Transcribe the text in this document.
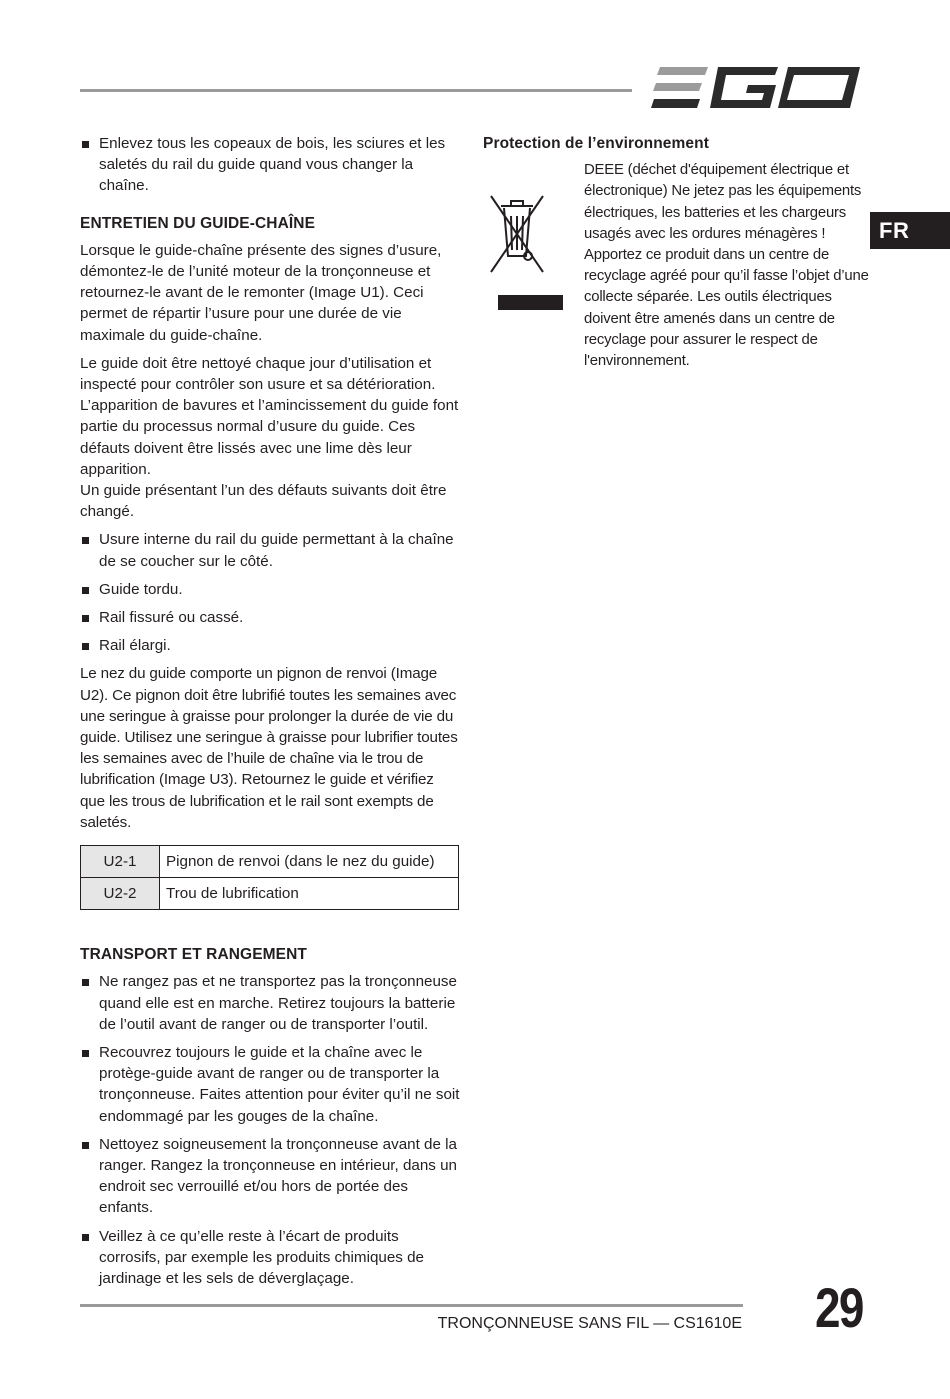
FR
Enlevez tous les copeaux de bois, les sciures et les saletés du rail du guide quand vous changer la chaîne.
ENTRETIEN DU GUIDE-CHAÎNE

Lorsque le guide-chaîne présente des signes d’usure, démontez-le de l’unité moteur de la tronçonneuse et retournez-le avant de le remonter (Image U1). Ceci permet de répartir l’usure pour une durée de vie maximale du guide-chaîne.

Le guide doit être nettoyé chaque jour d’utilisation et inspecté pour contrôler son usure et sa détérioration. L’apparition de bavures et l’amincissement du guide font partie du processus normal d’usure du guide. Ces défauts doivent être lissés avec une lime dès leur apparition.

Un guide présentant l’un des défauts suivants doit être changé.

Usure interne du rail du guide permettant à la chaîne de se coucher sur le côté.
Guide tordu.
Rail fissuré ou cassé.
Rail élargi.

Le nez du guide comporte un pignon de renvoi (Image U2). Ce pignon doit être lubrifié toutes les semaines avec une seringue à graisse pour prolonger la durée de vie du guide. Utilisez une seringue à graisse pour lubrifier toutes les semaines avec de l’huile de chaîne via le trou de lubrification (Image U3). Retournez le guide et vérifiez que les trous de lubrification et le rail sont exempts de saletés.

U2-1	Pignon de renvoi (dans le nez du guide)
U2-2	Trou de lubrification
TRANSPORT ET RANGEMENT
Ne rangez pas et ne transportez pas la tronçonneuse quand elle est en marche. Retirez toujours la batterie de l’outil avant de ranger ou de transporter l’outil.
Recouvrez toujours le guide et la chaîne avec le protège-guide avant de ranger ou de transporter la tronçonneuse. Faites attention pour éviter qu’il ne soit endommagé par les gouges de la chaîne.
Nettoyez soigneusement la tronçonneuse avant de la ranger. Rangez la tronçonneuse en intérieur, dans un endroit sec verrouillé et/ou hors de portée des enfants.
Veillez à ce qu’elle reste à l’écart de produits corrosifs, par exemple les produits chimiques de jardinage et les sels de déverglaçage.
Protection de l’environnement
DEEE (déchet d'équipement électrique et électronique) Ne jetez pas les équipements électriques, les batteries et les chargeurs usagés avec les ordures ménagères ! Apportez ce produit dans un centre de recyclage agréé pour qu’il fasse l’objet d’une collecte séparée. Les outils électriques doivent être amenés dans un centre de recyclage pour assurer le respect de l'environnement.
TRONÇONNEUSE SANS FIL — CS1610E 29
